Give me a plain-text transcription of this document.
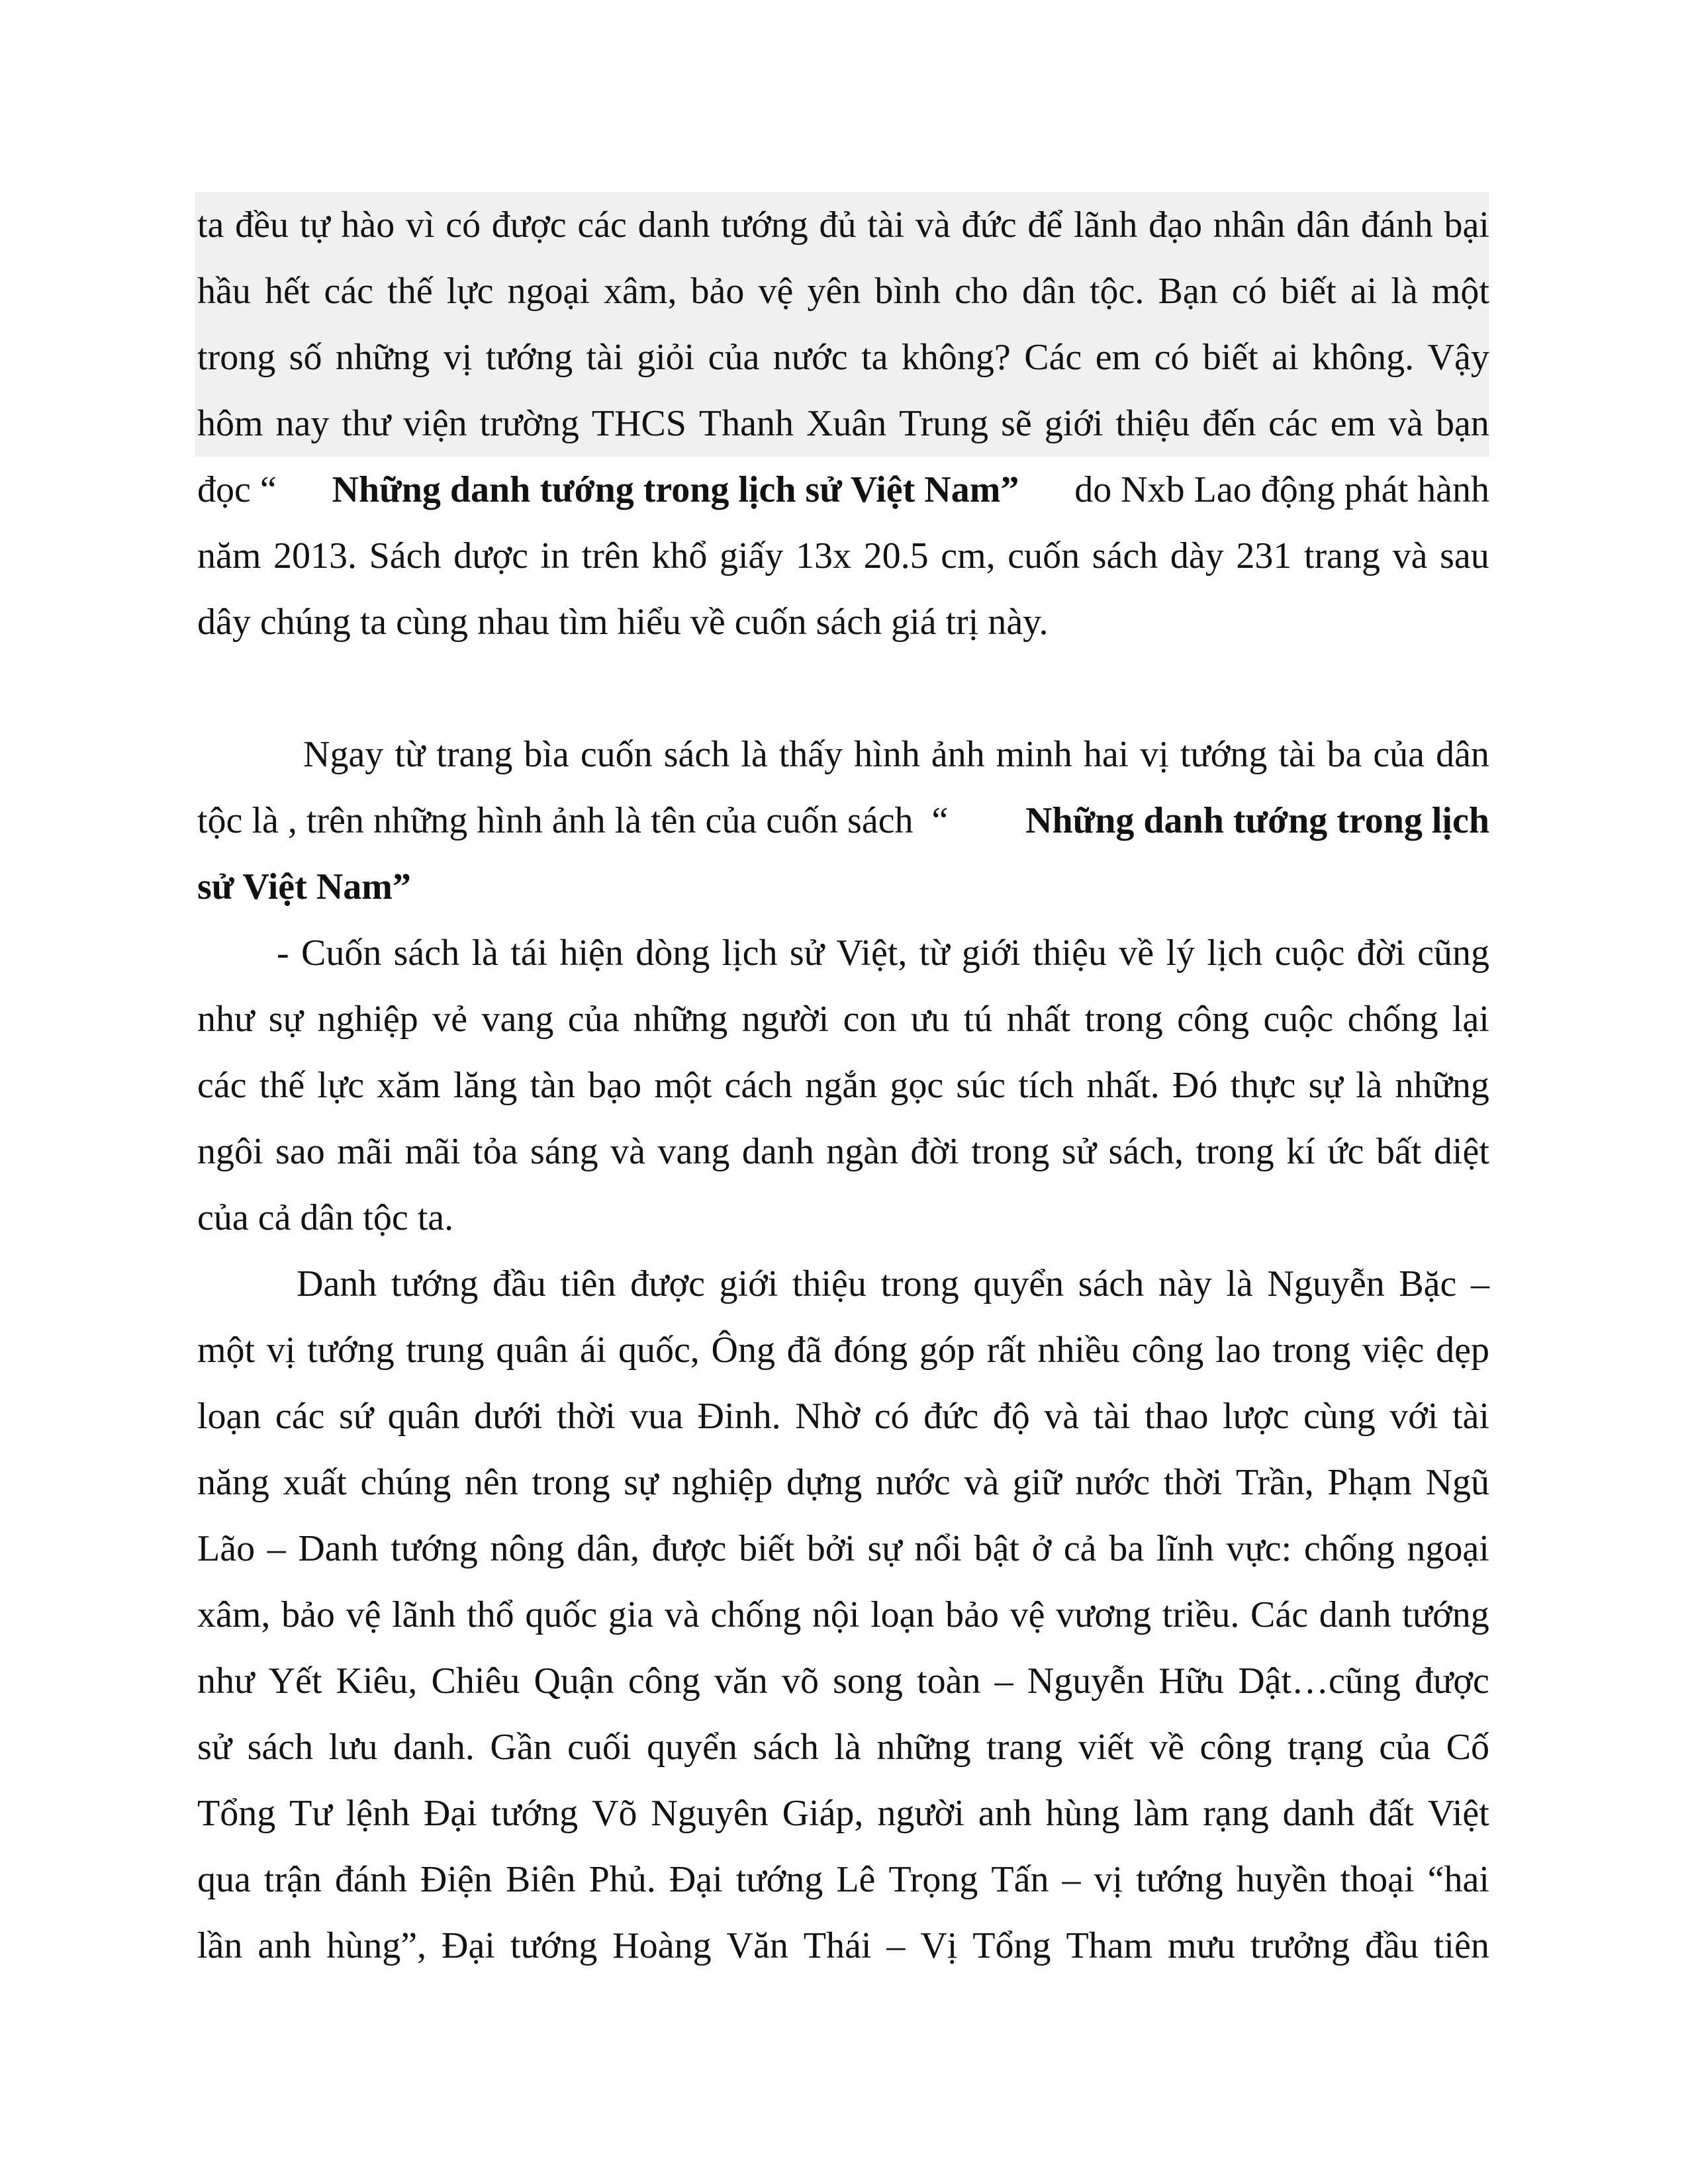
ta đều tự hào vì có được các danh tướng đủ tài và đức để lãnh đạo nhân dân đánh bại
hầu hết các thế lực ngoại xâm, bảo vệ yên bình cho dân tộc. Bạn có biết ai là một
trong số những vị tướng tài giỏi của nước ta không? Các em có biết ai không. Vậy
hôm nay thư viện trường THCS Thanh Xuân Trung sẽ giới thiệu đến các em và bạn
đọc “ Những danh tướng trong lịch sử Việt Nam” do Nxb Lao động phát hành
năm 2013. Sách dược in trên khổ giấy 13x 20.5 cm, cuốn sách dày 231 trang và sau
dây chúng ta cùng nhau tìm hiểu về cuốn sách giá trị này.
Ngay từ trang bìa cuốn sách là thấy hình ảnh minh hai vị tướng tài ba của dân
tộc là , trên những hình ảnh là tên của cuốn sách  “ Những danh tướng trong lịch
sử Việt Nam”
- Cuốn sách là tái hiện dòng lịch sử Việt, từ giới thiệu về lý lịch cuộc đời cũng
như sự nghiệp vẻ vang của những người con ưu tú nhất trong công cuộc chống lại
các thế lực xăm lăng tàn bạo một cách ngắn gọc súc tích nhất. Đó thực sự là những
ngôi sao mãi mãi tỏa sáng và vang danh ngàn đời trong sử sách, trong kí ức bất diệt
của cả dân tộc ta.
Danh tướng đầu tiên được giới thiệu trong quyển sách này là Nguyễn Bặc –
một vị tướng trung quân ái quốc, Ông đã đóng góp rất nhiều công lao trong việc dẹp
loạn các sứ quân dưới thời vua Đinh. Nhờ có đức độ và tài thao lược cùng với tài
năng xuất chúng nên trong sự nghiệp dựng nước và giữ nước thời Trần, Phạm Ngũ
Lão – Danh tướng nông dân, được biết bởi sự nổi bật ở cả ba lĩnh vực: chống ngoại
xâm, bảo vệ lãnh thổ quốc gia và chống nội loạn bảo vệ vương triều. Các danh tướng
như Yết Kiêu, Chiêu Quận công văn võ song toàn – Nguyễn Hữu Dật…cũng được
sử sách lưu danh. Gần cuối quyển sách là những trang viết về công trạng của Cố
Tổng Tư lệnh Đại tướng Võ Nguyên Giáp, người anh hùng làm rạng danh đất Việt
qua trận đánh Điện Biên Phủ. Đại tướng Lê Trọng Tấn – vị tướng huyền thoại “hai
lần anh hùng”, Đại tướng Hoàng Văn Thái – Vị Tổng Tham mưu trưởng đầu tiên
